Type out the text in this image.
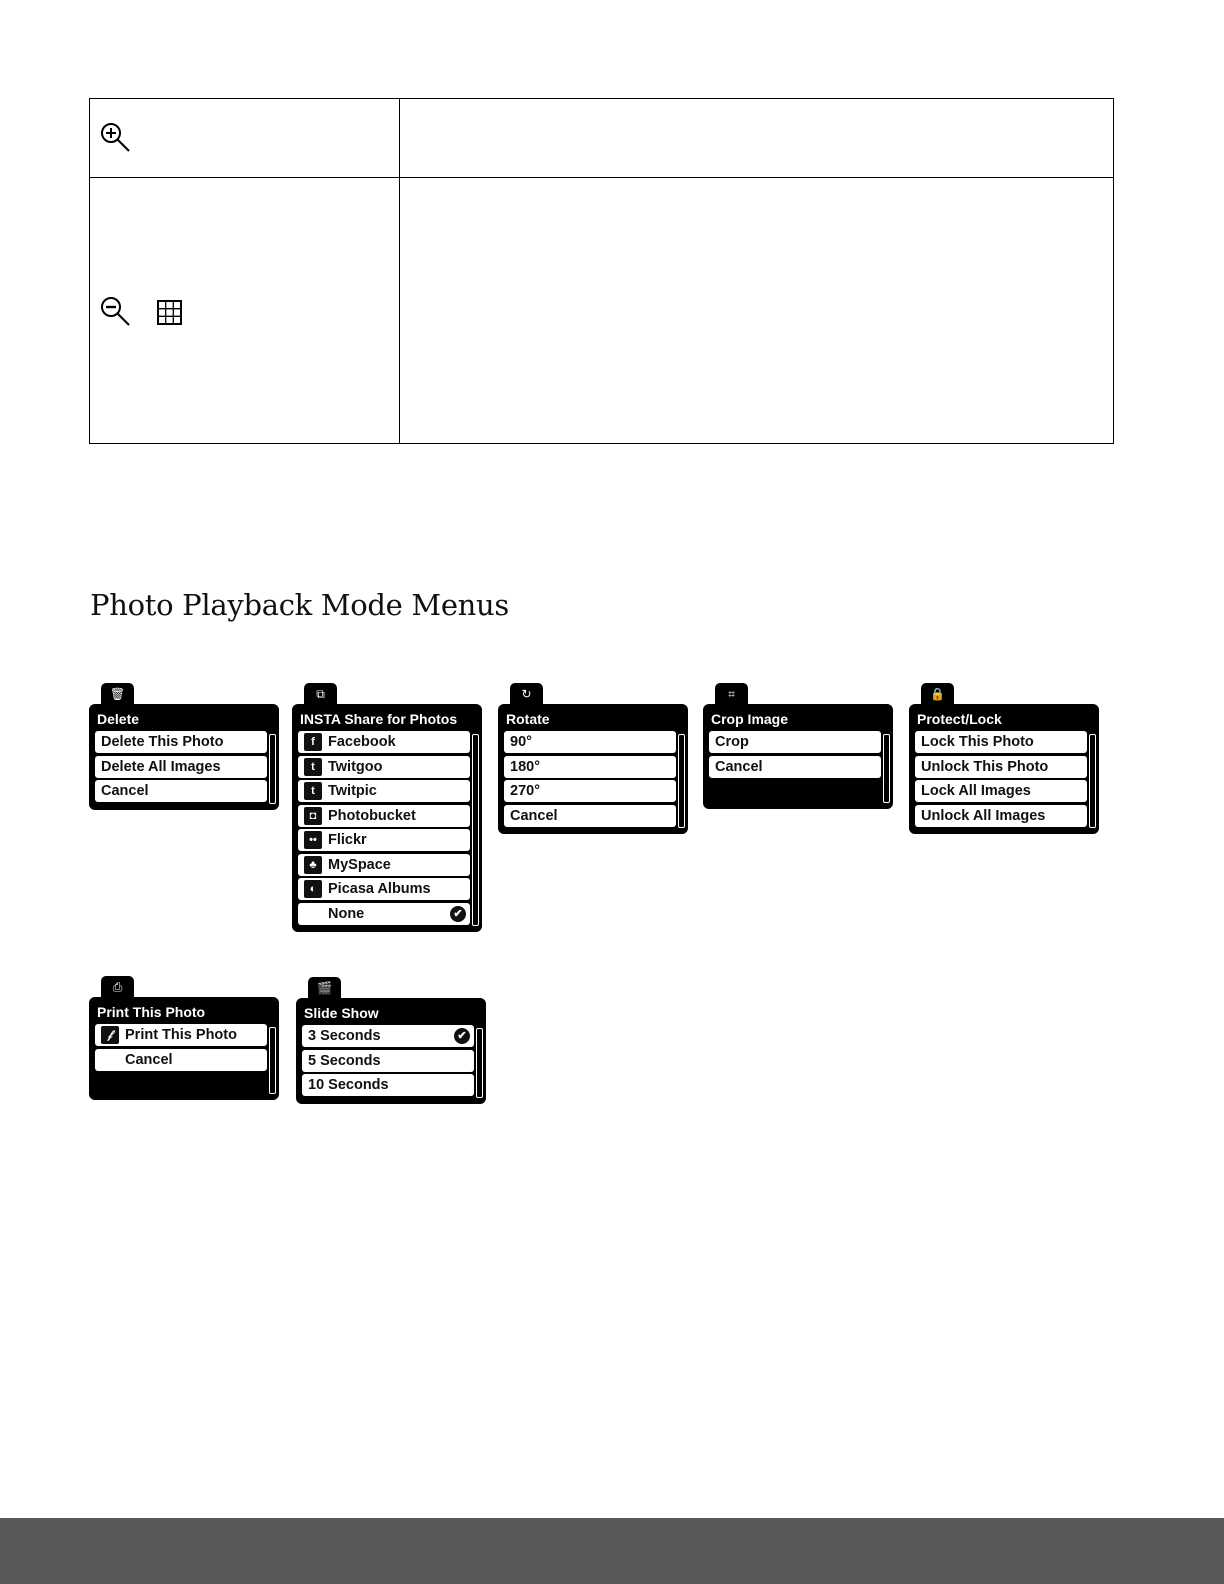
Photo Playback Mode Menus
🗑
Delete
Delete This Photo
Delete All Images
Cancel
⧉
INSTA Share for Photos
f Facebook
t Twitgoo
t Twitpic
◘ Photobucket
•• Flickr
♣ MySpace
◐ Picasa Albums
None	✔
↻
Rotate
90°
180°
270°
Cancel
⌗
Crop Image
Crop
Cancel
🔒
Protect/Lock
Lock This Photo
Unlock This Photo
Lock All Images
Unlock All Images
⎙
Print This Photo
𝒻 Print This Photo
Cancel
🎬
Slide Show
3 Seconds	✔
5 Seconds
10 Seconds
